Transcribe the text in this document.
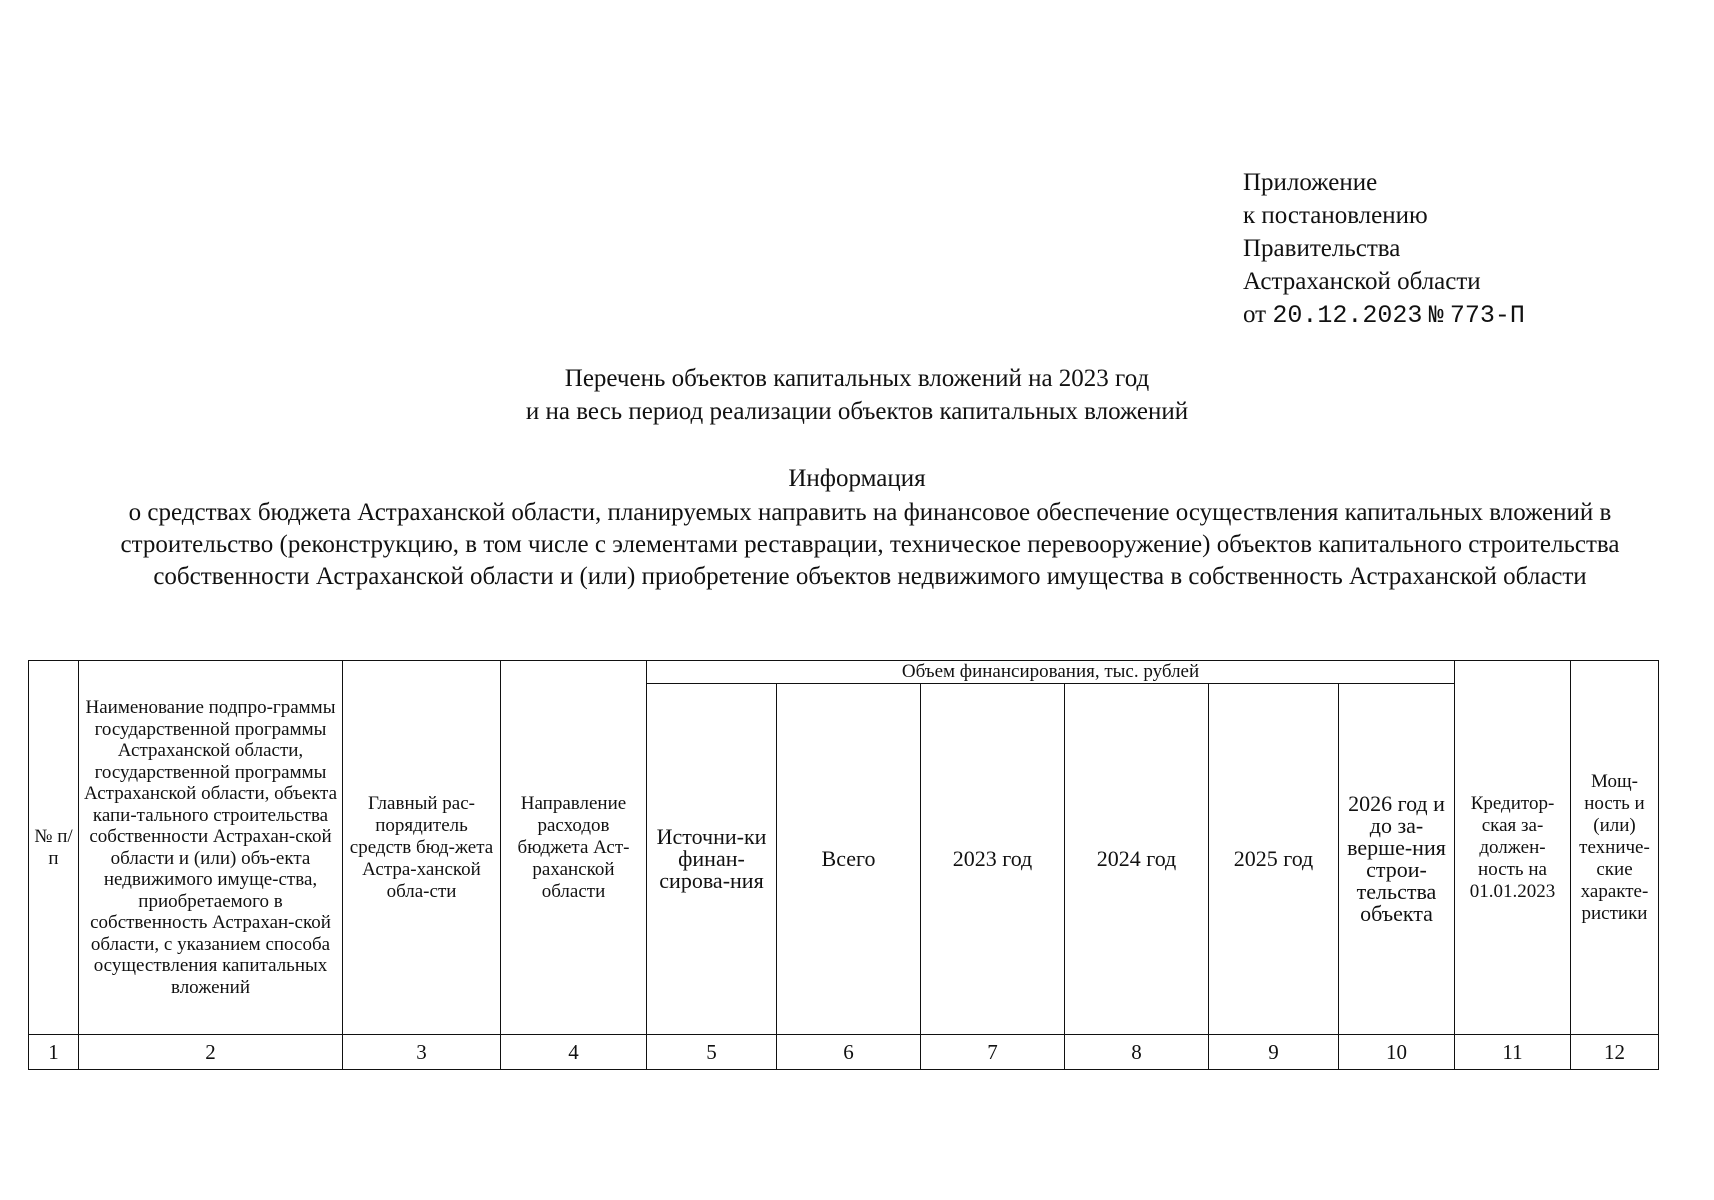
Приложение
к постановлению
Правительства
Астраханской области
от 20.12.2023 № 773-П
Перечень объектов капитальных вложений на 2023 год
и на весь период реализации объектов капитальных вложений
Информация
о средствах бюджета Астраханской области, планируемых направить на финансовое обеспечение осуществления капитальных вложений в строительство (реконструкцию, в том числе с элементами реставрации, техническое перевооружение) объектов капитального строительства собственности Астраханской области и (или) приобретение объектов недвижимого имущества в собственность Астраханской области
№ п/п	Наименование подпро-граммы государственной программы Астраханской области, государственной программы Астраханской области, объекта капи-тального строительства собственности Астрахан-ской области и (или) объ-екта недвижимого имуще-ства, приобретаемого в собственность Астрахан-ской области, с указанием способа осуществления капитальных вложений	Главный рас-порядитель средств бюд-жета Астра-ханской обла-сти	Направление расходов бюджета Аст-раханской области	Объем финансирования, тыс. рублей						Кредитор-ская за-должен-ность на 01.01.2023	Мощ-ность и (или) техниче-ские характе-ристики
				Источни-ки финан-сирова-ния	Всего	2023 год	2024 год	2025 год	2026 год и до за-верше-ния строи-тельства объекта		
1	2	3	4	5	6	7	8	9	10	11	12
